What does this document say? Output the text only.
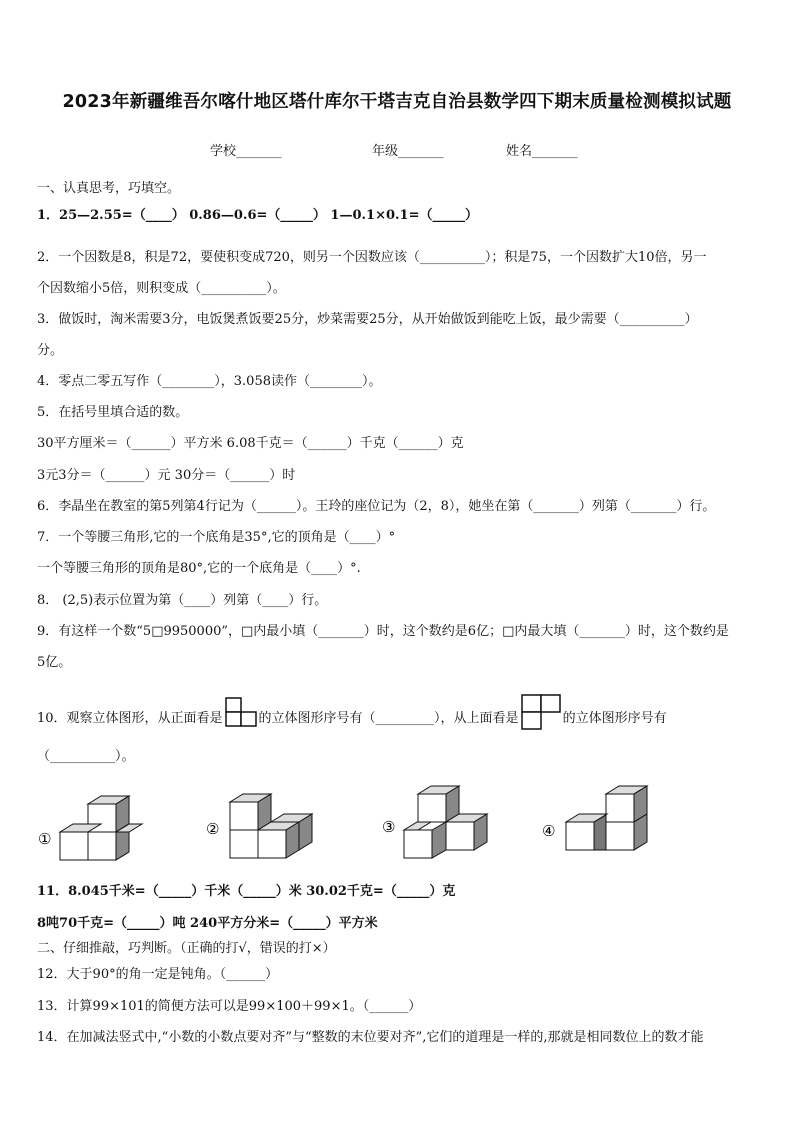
2023年新疆维吾尔喀什地区塔什库尔干塔吉克自治县数学四下期末质量检测模拟试题
学校_______	年级_______	姓名_______
一、认真思考，巧填空。
1．25—2.55=（____） 0.86—0.6=（_____） 1—0.1×0.1=（_____）
2．一个因数是8，积是72，要使积变成720，则另一个因数应该（__________）；积是75，一个因数扩大10倍，另一
个因数缩小5倍，则积变成（__________）。
3．做饭时，淘米需要3分，电饭煲煮饭要25分，炒菜需要25分，从开始做饭到能吃上饭，最少需要（__________）
分。
4．零点二零五写作（________），3.058读作（________）。
5．在括号里填合适的数。
30平方厘米＝（______）平方米 6.08千克＝（______）千克（______）克
3元3分＝（______）元 30分＝（______）时
6．李晶坐在教室的第5列第4行记为（______）。王玲的座位记为（2，8），她坐在第（_______）列第（_______）行。
7．一个等腰三角形,它的一个底角是35°,它的顶角是（____）°
一个等腰三角形的顶角是80°,它的一个底角是（____）°.
8． (2,5)表示位置为第（____）列第（____）行。
9．有这样一个数“5□9950000”，□内最小填（_______）时，这个数约是6亿；□内最大填（_______）时，这个数约是
5亿。
10．观察立体图形，从正面看是	的立体图形序号有（_________），从上面看是	的立体图形序号有
（__________）。
①
②	③	④
11．8.045千米=（_____）千米（_____）米 30.02千克=（_____）克
8吨70千克=（_____）吨 240平方分米=（_____）平方米
二、仔细推敲，巧判断。（正确的打√，错误的打×）
12．大于90°的角一定是钝角。（______）
13．计算99×101的简便方法可以是99×100＋99×1。（______）
14．在加减法竖式中,“小数的小数点要对齐”与“整数的末位要对齐”,它们的道理是一样的,那就是相同数位上的数才能
